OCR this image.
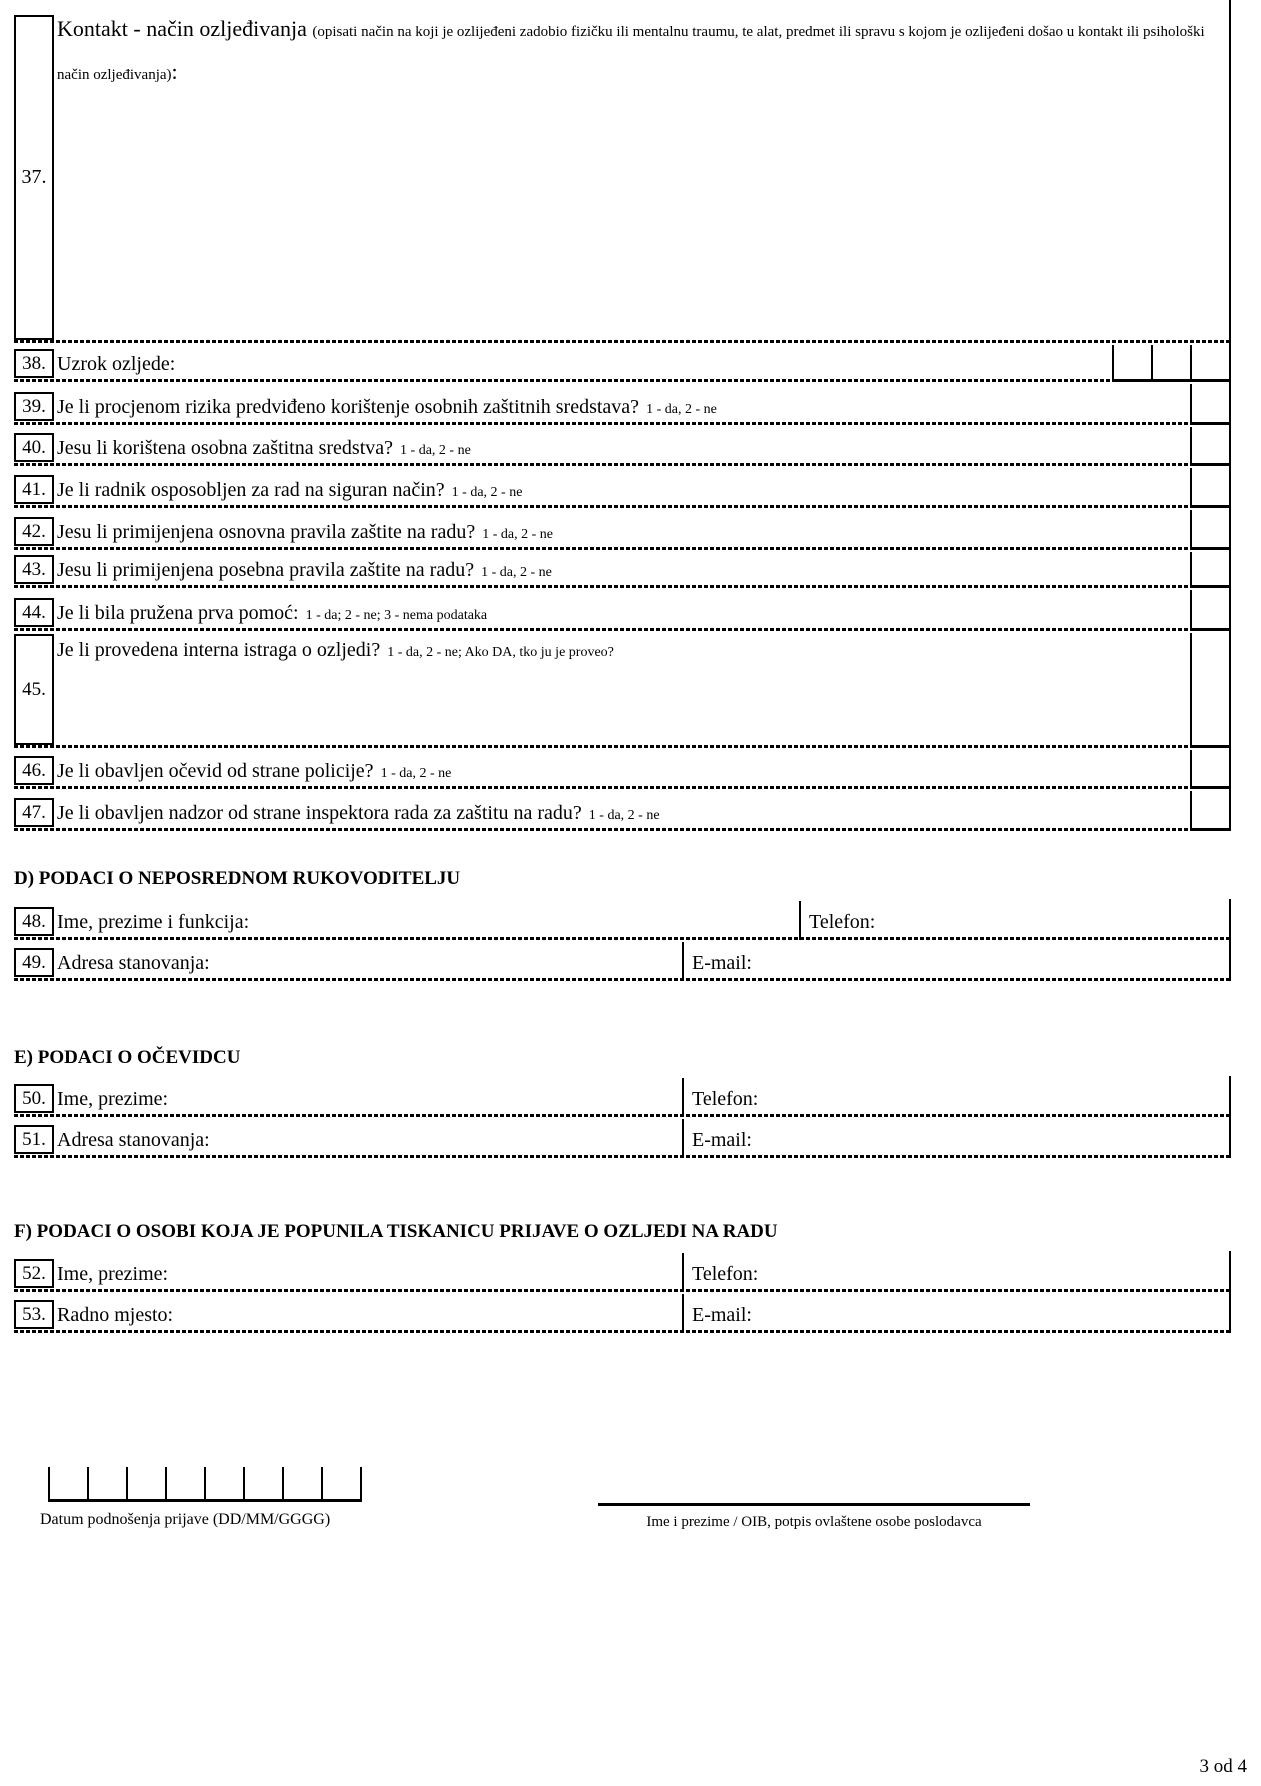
37.
Kontakt - način ozljeđivanja (opisati način na koji je ozlijeđeni zadobio fizičku ili mentalnu traumu, te alat, predmet ili spravu s kojom je ozlijeđeni došao u kontakt ili psihološki način ozljeđivanja):
38. Uzrok ozljede:
39. Je li procjenom rizika predviđeno korištenje osobnih zaštitnih sredstava? 1 - da, 2 - ne
40. Jesu li korištena osobna zaštitna sredstva? 1 - da, 2 - ne
41. Je li radnik osposobljen za rad na siguran način? 1 - da, 2 - ne
42. Jesu li primijenjena osnovna pravila zaštite na radu? 1 - da, 2 - ne
43. Jesu li primijenjena posebna pravila zaštite na radu? 1 - da, 2 - ne
44. Je li bila pružena prva pomoć: 1 - da; 2 - ne; 3 - nema podataka
45.
Je li provedena interna istraga o ozljedi? 1 - da, 2 - ne; Ako DA, tko ju je proveo?
46. Je li obavljen očevid od strane policije? 1 - da, 2 - ne
47. Je li obavljen nadzor od strane inspektora rada za zaštitu na radu? 1 - da, 2 - ne
D) PODACI O NEPOSREDNOM RUKOVODITELJU
48. Ime, prezime i funkcija:	Telefon:
49. Adresa stanovanja:	E-mail:
E) PODACI O OČEVIDCU
50. Ime, prezime:	Telefon:
51. Adresa stanovanja:	E-mail:
F) PODACI O OSOBI KOJA JE POPUNILA TISKANICU PRIJAVE O OZLJEDI NA RADU
52. Ime, prezime:	Telefon:
53. Radno mjesto:	E-mail:
Datum podnošenja prijave (DD/MM/GGGG)	Ime i prezime / OIB, potpis ovlaštene osobe poslodavca
3 od 4
